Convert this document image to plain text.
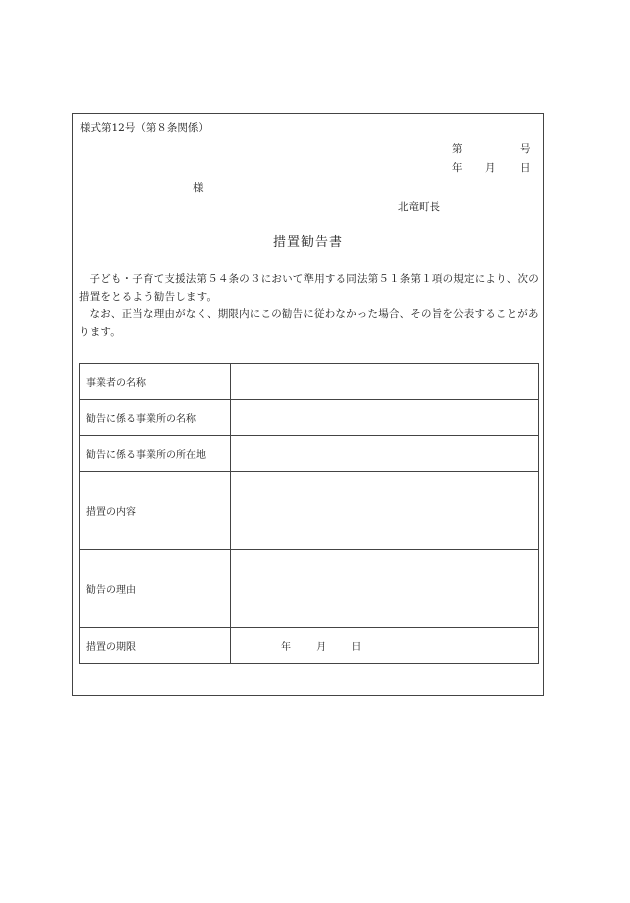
様式第12号（第８条関係）
第	号
年 月 日
様
北竜町長
措置勧告書

子ども・子育て支援法第５４条の３において準用する同法第５１条第１項の規定により、次の措置をとるよう勧告します。

なお、正当な理由がなく、期限内にこの勧告に従わなかった場合、その旨を公表することがあります。

事業者の名称	
勧告に係る事業所の名称	
勧告に係る事業所の所在地	
措置の内容	
勧告の理由	
措置の期限	年 月 日
